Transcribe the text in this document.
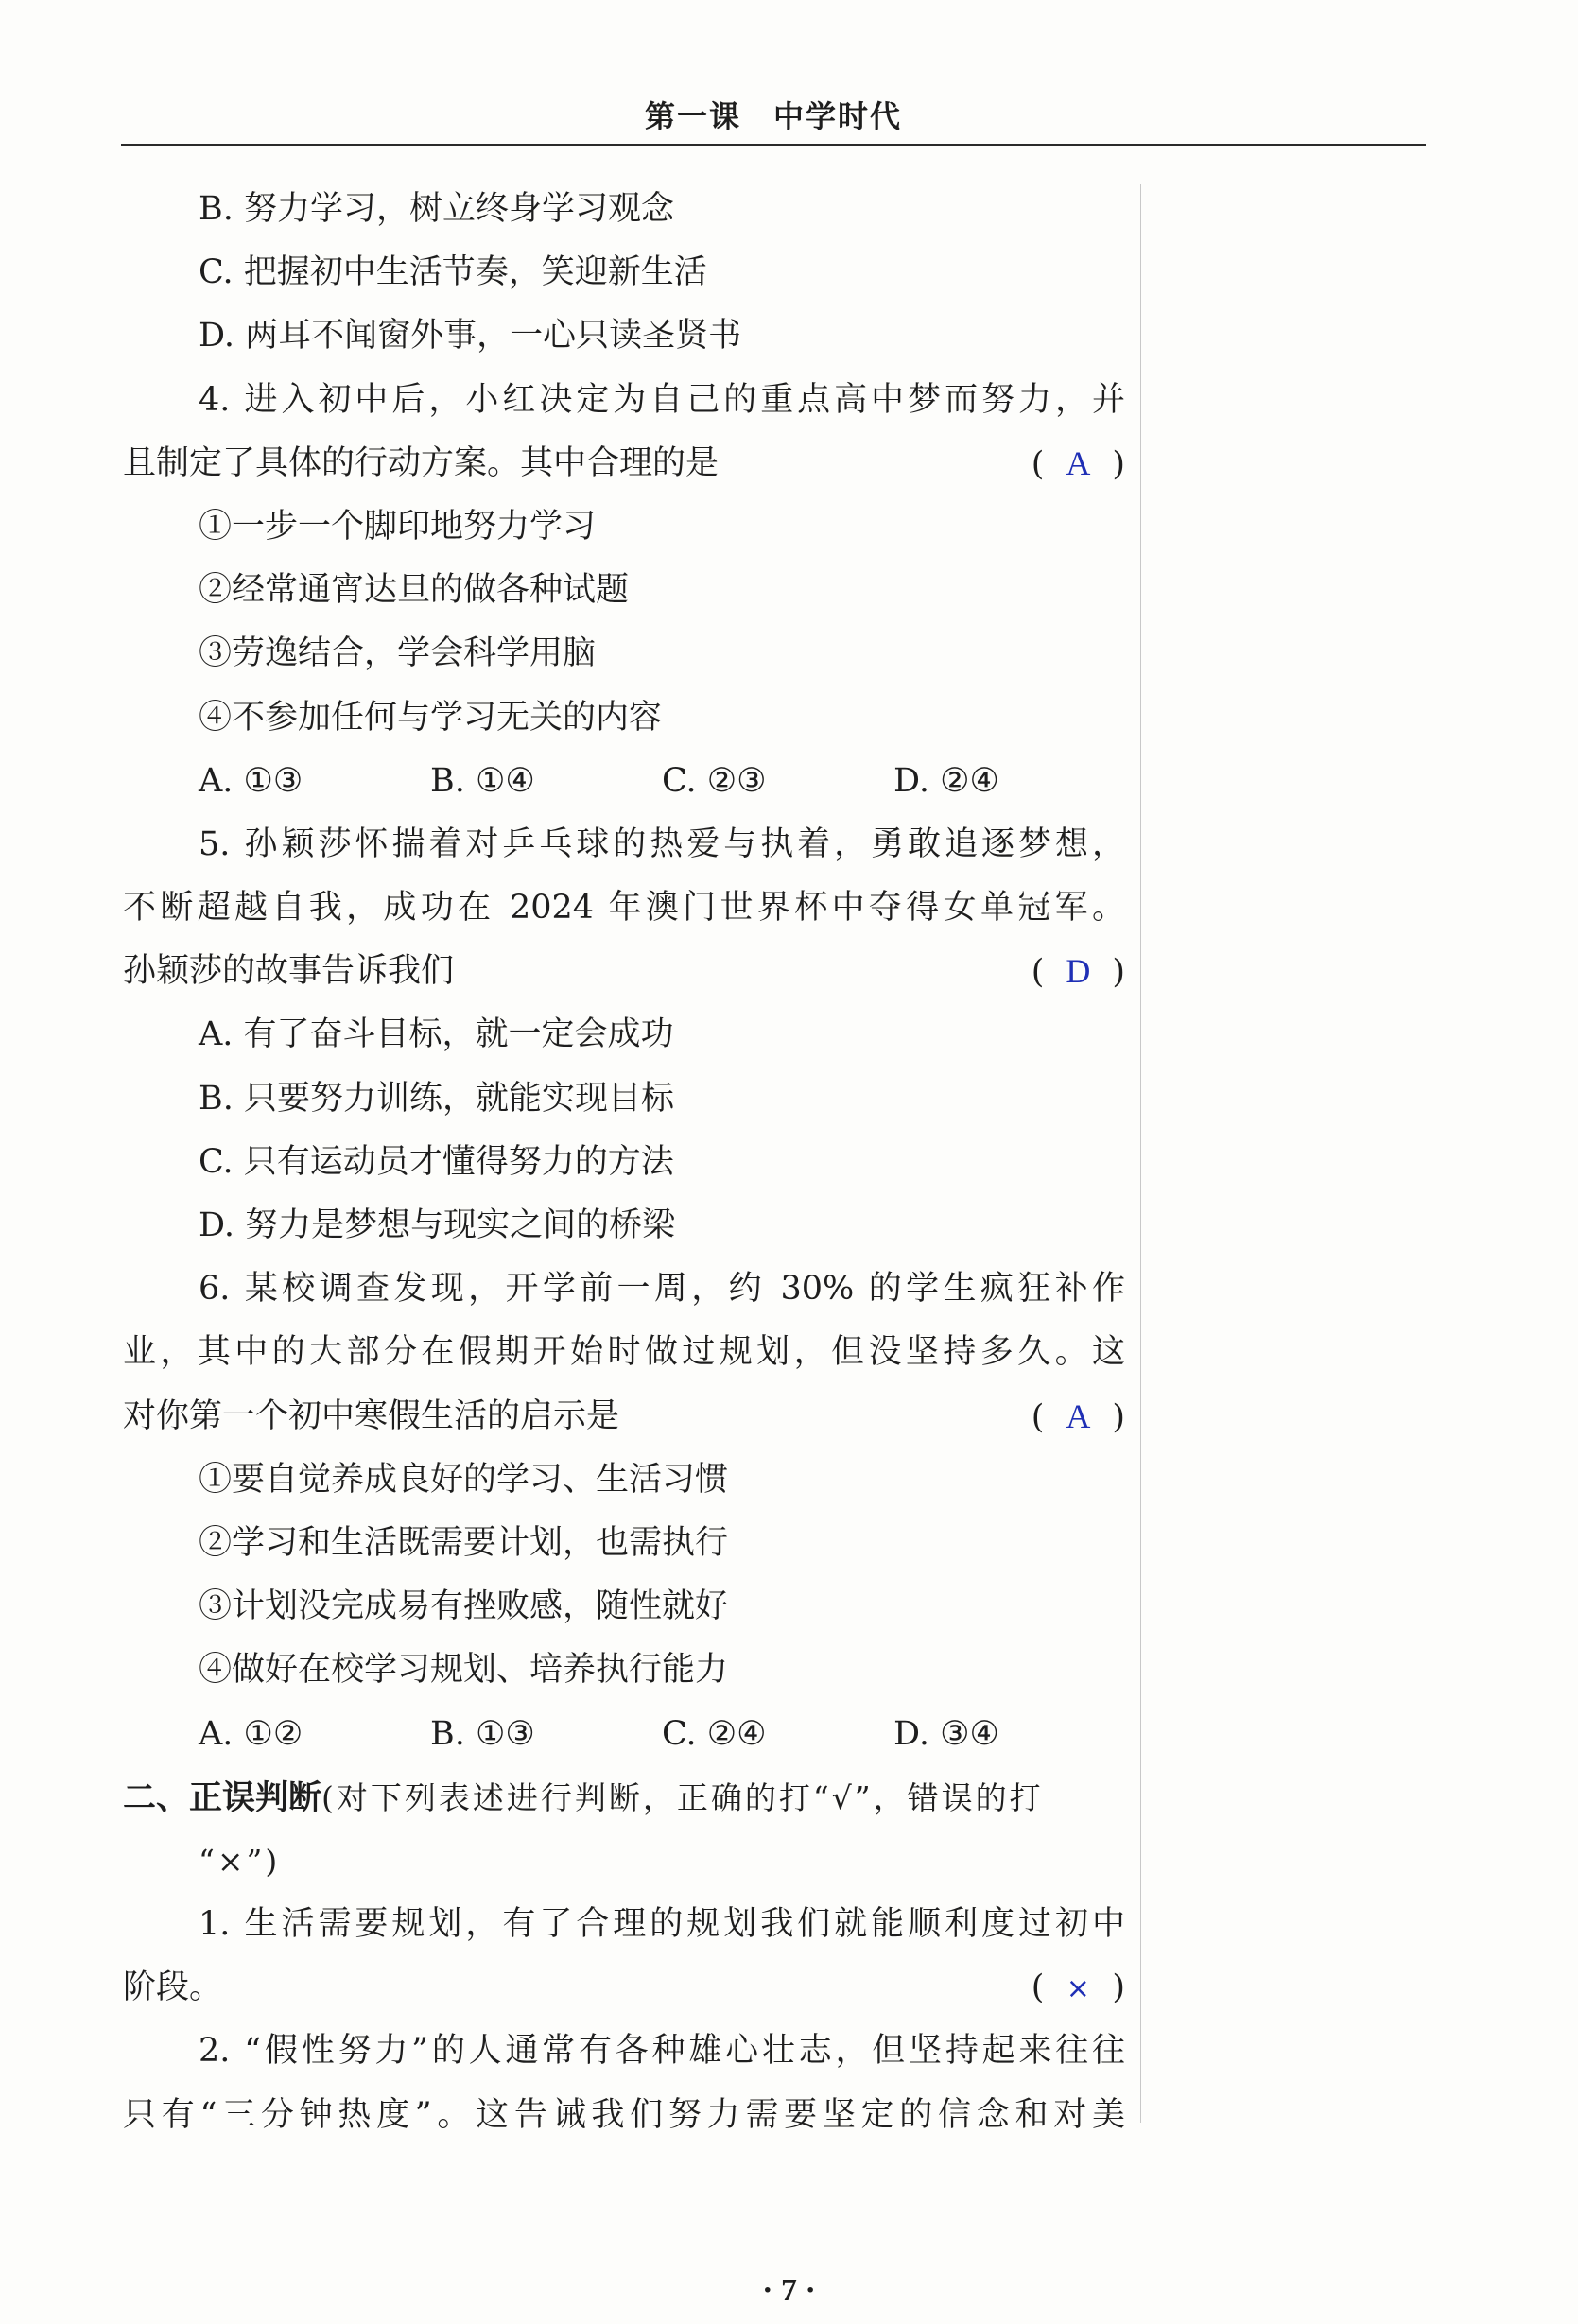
第一课 中学时代
B. 努力学习，树立终身学习观念
C. 把握初中生活节奏，笑迎新生活
D. 两耳不闻窗外事，一心只读圣贤书
4. 进入初中后，小红决定为自己的重点高中梦而努力，并
且制定了具体的行动方案。其中合理的是	( A )
①一步一个脚印地努力学习
②经常通宵达旦的做各种试题
③劳逸结合，学会科学用脑
④不参加任何与学习无关的内容
A. ①③	B. ①④	C. ②③	D. ②④
5. 孙颖莎怀揣着对乒乓球的热爱与执着，勇敢追逐梦想，
不断超越自我，成功在 2024 年澳门世界杯中夺得女单冠军。
孙颖莎的故事告诉我们	( D )
A. 有了奋斗目标，就一定会成功
B. 只要努力训练，就能实现目标
C. 只有运动员才懂得努力的方法
D. 努力是梦想与现实之间的桥梁
6. 某校调查发现，开学前一周，约 30% 的学生疯狂补作
业，其中的大部分在假期开始时做过规划，但没坚持多久。这
对你第一个初中寒假生活的启示是	( A )
①要自觉养成良好的学习、生活习惯
②学习和生活既需要计划，也需执行
③计划没完成易有挫败感，随性就好
④做好在校学习规划、培养执行能力
A. ①②	B. ①③	C. ②④	D. ③④
二、正误判断(对下列表述进行判断，正确的打“√”，错误的打
“×”)
1. 生活需要规划，有了合理的规划我们就能顺利度过初中
阶段。	( × )
2. “假性努力”的人通常有各种雄心壮志，但坚持起来往往
只有“三分钟热度”。这告诫我们努力需要坚定的信念和对美
· 7 ·
